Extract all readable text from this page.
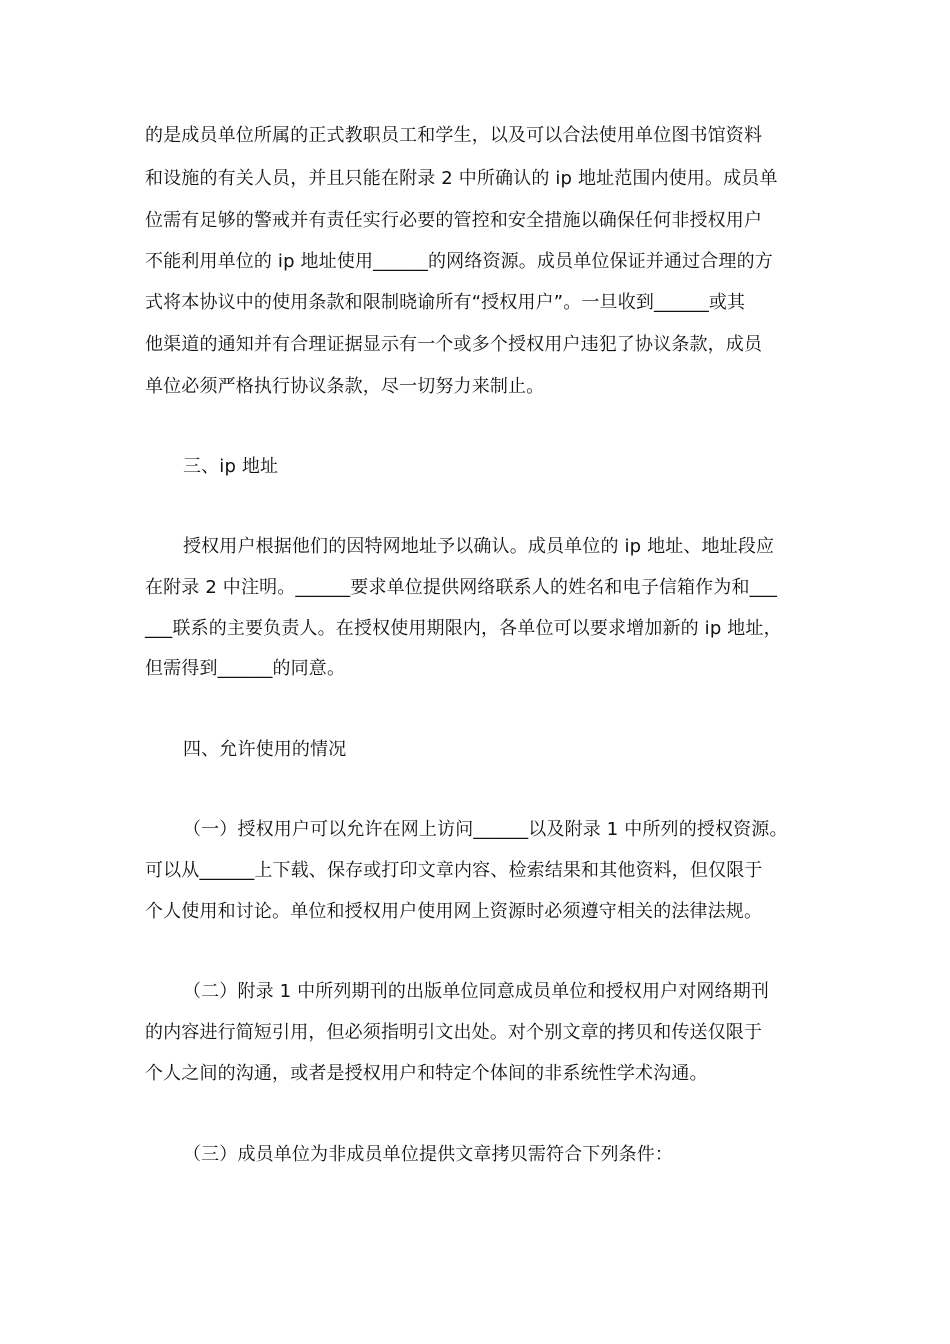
的是成员单位所属的正式教职员工和学生，以及可以合法使用单位图书馆资料
和设施的有关人员，并且只能在附录 2 中所确认的 ip 地址范围内使用。成员单
位需有足够的警戒并有责任实行必要的管控和安全措施以确保任何非授权用户
不能利用单位的 ip 地址使用______的网络资源。成员单位保证并通过合理的方
式将本协议中的使用条款和限制晓谕所有“授权用户”。一旦收到______或其
他渠道的通知并有合理证据显示有一个或多个授权用户违犯了协议条款，成员
单位必须严格执行协议条款，尽一切努力来制止。
三、ip 地址
授权用户根据他们的因特网地址予以确认。成员单位的 ip 地址、地址段应
在附录 2 中注明。______要求单位提供网络联系人的姓名和电子信箱作为和___
___联系的主要负责人。在授权使用期限内，各单位可以要求增加新的 ip 地址，
但需得到______的同意。
四、允许使用的情况
（一）授权用户可以允许在网上访问______以及附录 1 中所列的授权资源。
可以从______上下载、保存或打印文章内容、检索结果和其他资料，但仅限于
个人使用和讨论。单位和授权用户使用网上资源时必须遵守相关的法律法规。
（二）附录 1 中所列期刊的出版单位同意成员单位和授权用户对网络期刊
的内容进行简短引用，但必须指明引文出处。对个别文章的拷贝和传送仅限于
个人之间的沟通，或者是授权用户和特定个体间的非系统性学术沟通。
（三）成员单位为非成员单位提供文章拷贝需符合下列条件：
